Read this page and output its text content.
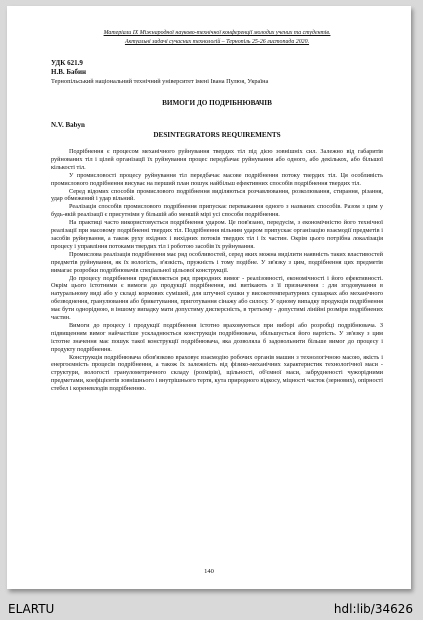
Матеріали IX Міжнародної науково-технічної конференції молодих учених та студентів.
Актуальні задачі сучасних технологій – Тернопіль 25-26 листопада 2020.
УДК 621.9
Н.В. Бабин
Тернопільський національний технічний університет імені Івана Пулюя, Україна
ВИМОГИ ДО ПОДРІБНЮВАЧІВ
N.V. Babyn
DESINTEGRATORS REQUIREMENTS

Подрібнення є процесом механічного руйнування твердих тіл під дією зовнішніх сил. Залежно від габаритів руйнованих тіл і цілей організації їх руйнування процес передбачає руйнування або одного, або декількох, або більшої кількості тіл.

У промисловості процесу руйнування тіл передбачає масове подрібнення потоку твердих тіл. Ця особливість промислового подрібнення висуває на перший план пошук найбільш ефективних способів подрібнення твердих тіл.

Серед відомих способів промислового подрібнення виділяються розчавлювання, розколювання, стирання, різання, удар обмежений і удар вільний.

Реалізація способів промислового подрібнення припускає переважання одного з названих способів. Разом з цим у будь-якій реалізації є присутніми у більшій або меншій мірі усі способи подрібнення.

На практиці часто використовується подрібнення ударом. Це пов'язано, передусім, з економічністю його технічної реалізації при масовому подрібненні твердих тіл. Подрібнення вільним ударом припускає організацію взаємодії предметів і засобів руйнування, а також руху вхідних і вихідних потоків твердих тіл і їх частин. Окрім цього потрібна локалізація процесу і управління потоками твердих тіл і роботою засобів їх руйнування.

Промислова реалізація подрібнення має ряд особливостей, серед яких можна виділити наявність таких властивостей предметів руйнування, як їх вологість, в'язкість, пружність і тому подібне. У зв'язку з цим, подрібнення цих предметів вимагає розробки подрібнювачів спеціальної цільової конструкції.

До процесу подрібнення пред'являється ряд природних вимог - реалізовності, економічності і його ефективності. Окрім цього істотними є вимоги до продукції подрібнення, які витікають з її призначення : для згодовування в натуральному виді або у складі кормових сумішей, для штучної сушки у високотемпературних сушарках або механічного обезводнення, гранулювання або брикетування, приготування сінажу або силосу. У одному випадку продукція подрібнення має бути однорідною, в іншому випадку мати допустиму дисперсність, в третьому - допустимі лінійні розміри подрібнених частин.

Вимоги до процесу і продукції подрібнення істотно враховуються при виборі або розробці подрібнювача. З підвищенням вимог найчастіше ускладнюється конструкція подрібнювача, збільшується його вартість. У зв'язку з цим істотне значення має пошук такої конструкції подрібнювача, яка дозволяла б задовольнити більше вимог до процесу і продукту подрібнення.

Конструкція подрібнювача обов'язково враховує взаємодію робочих органів машин з технологічною масою, якість і енергоємність процесів подрібнення, а також їх залежність від фізико-механічних характеристик технологічної маси - структури, вологості гранулометричного складу (розмірів), щільності, об'ємної маси, забрудненості чужорідними предметами, коефіцієнтів зовнішнього і внутрішнього тертя, кута природного відкосу, міцності часток (зернових), опірності стебел і кореневлодів подрібненню.

140
ELARTU	hdl:lib/34626
